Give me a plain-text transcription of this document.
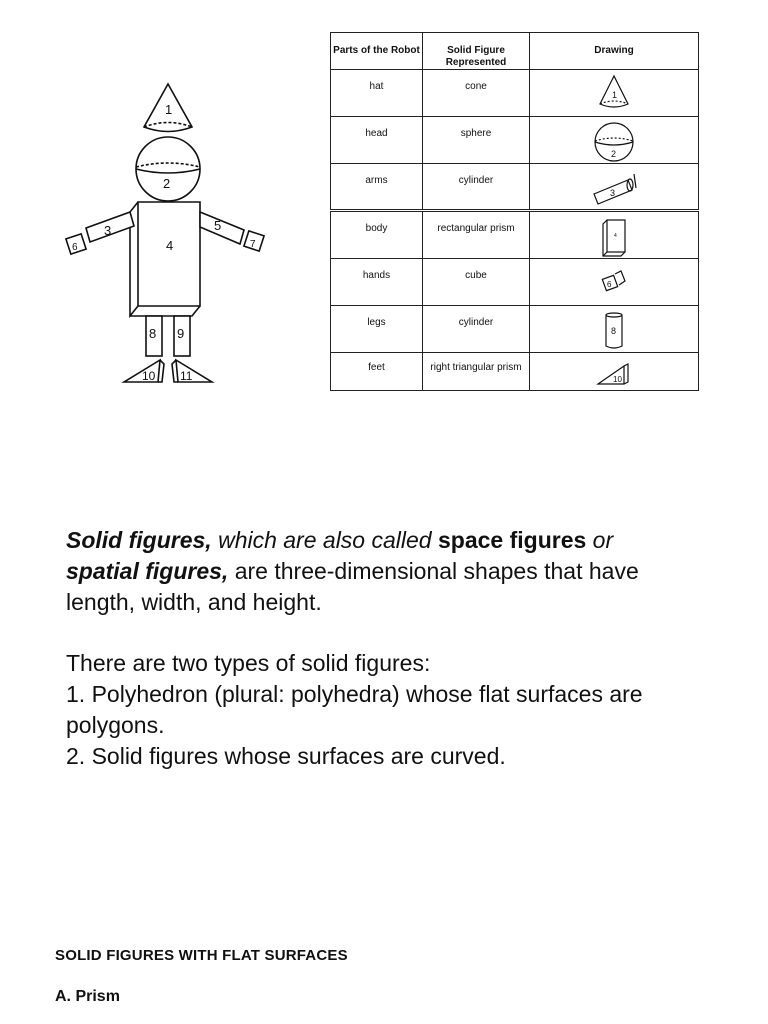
1
2
4
3
6
5
7
8 9
10 11
Parts of the Robot	Solid Figure Represented	Drawing
hat	cone	1

head	sphere	2

arms	cylinder	3

body	rectangular prism	4

hands	cube	6

legs	cylinder	8

feet	right triangular prism	10

Solid figures, which are also called space figures or
spatial figures, are three-dimensional shapes that have length, width, and height.

There are two types of solid figures:

1. Polyhedron (plural: polyhedra) whose flat surfaces are polygons.

2. Solid figures whose surfaces are curved.

SOLID FIGURES WITH FLAT SURFACES
A. Prism
